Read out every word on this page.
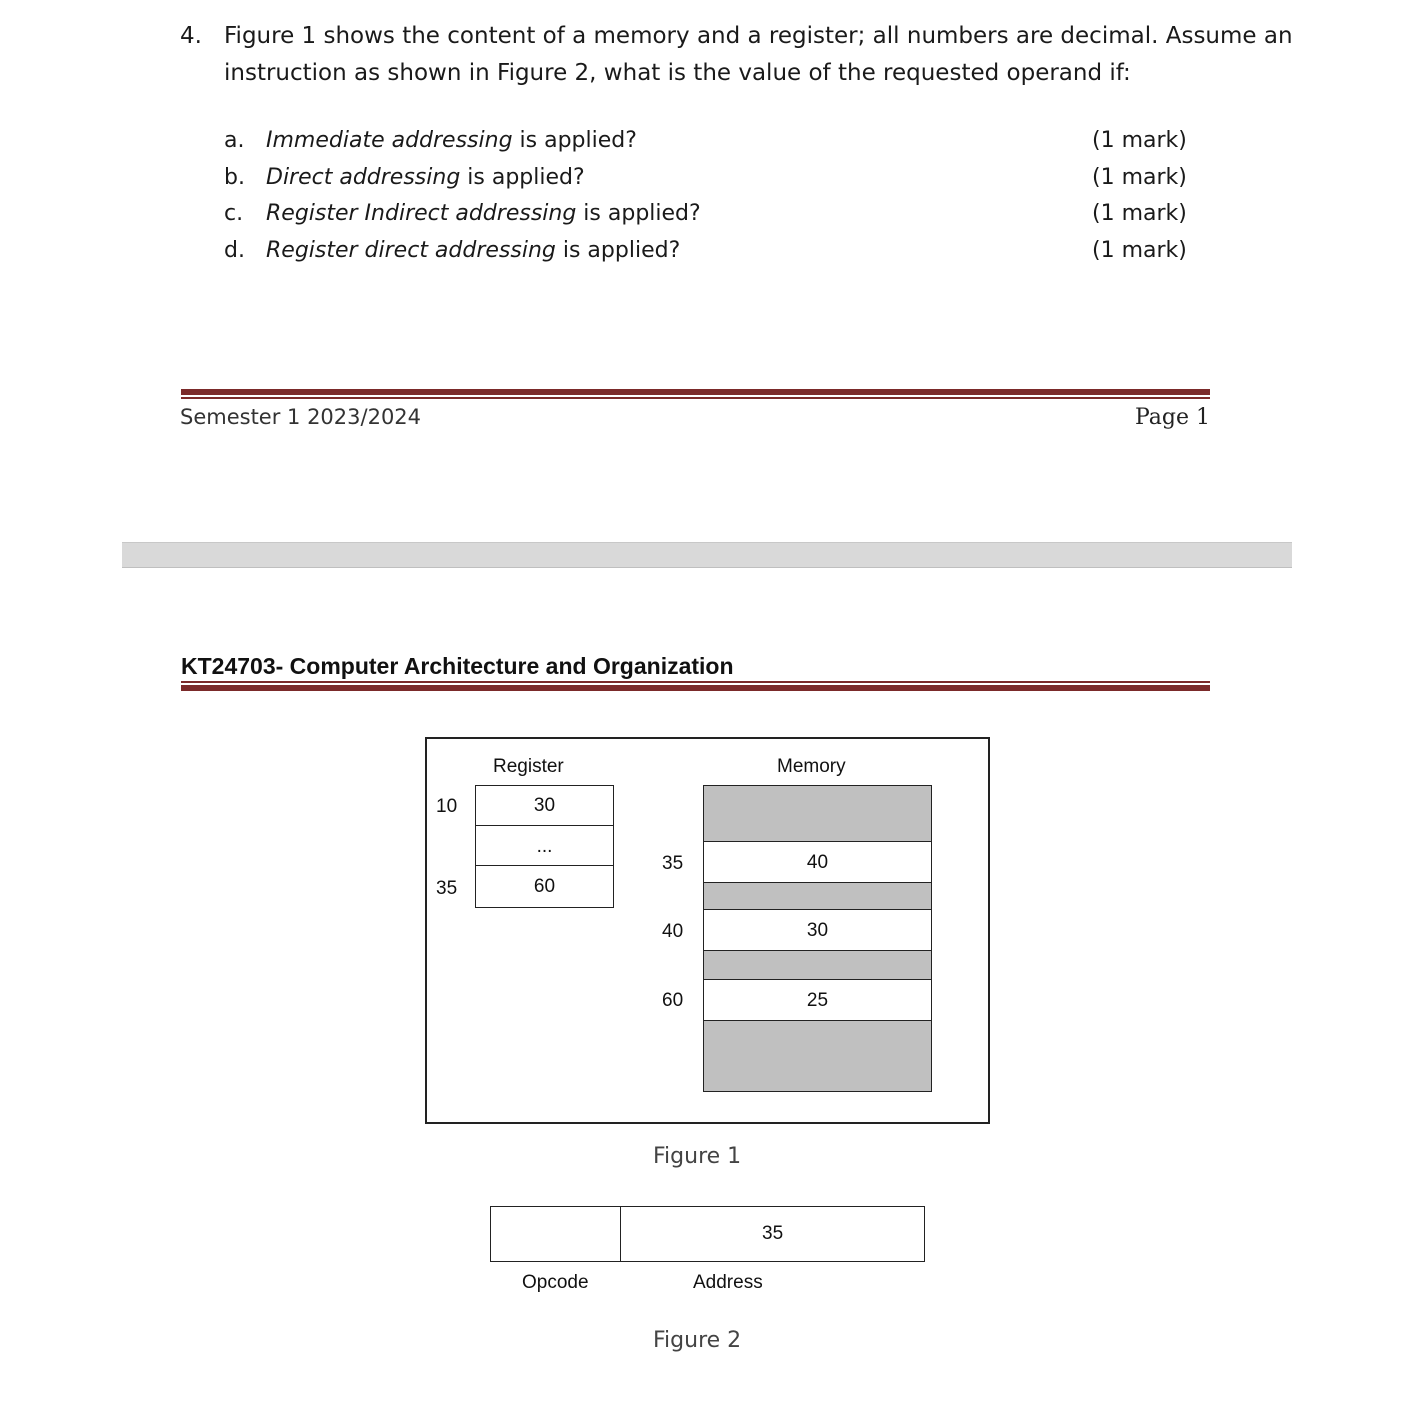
4. Figure 1 shows the content of a memory and a register; all numbers are decimal. Assume an
instruction as shown in Figure 2, what is the value of the requested operand if:
a. Immediate addressing is applied?	(1 mark)
b. Direct addressing is applied?	(1 mark)
c. Register Indirect addressing is applied?	(1 mark)
d. Register direct addressing is applied?	(1 mark)
Semester 1 2023/2024	Page 1
KT24703- Computer Architecture and Organization
Register	Memory
10	30
...
35	60
35	40
40	30
60	25
Figure 1
35
Opcode	Address
Figure 2
